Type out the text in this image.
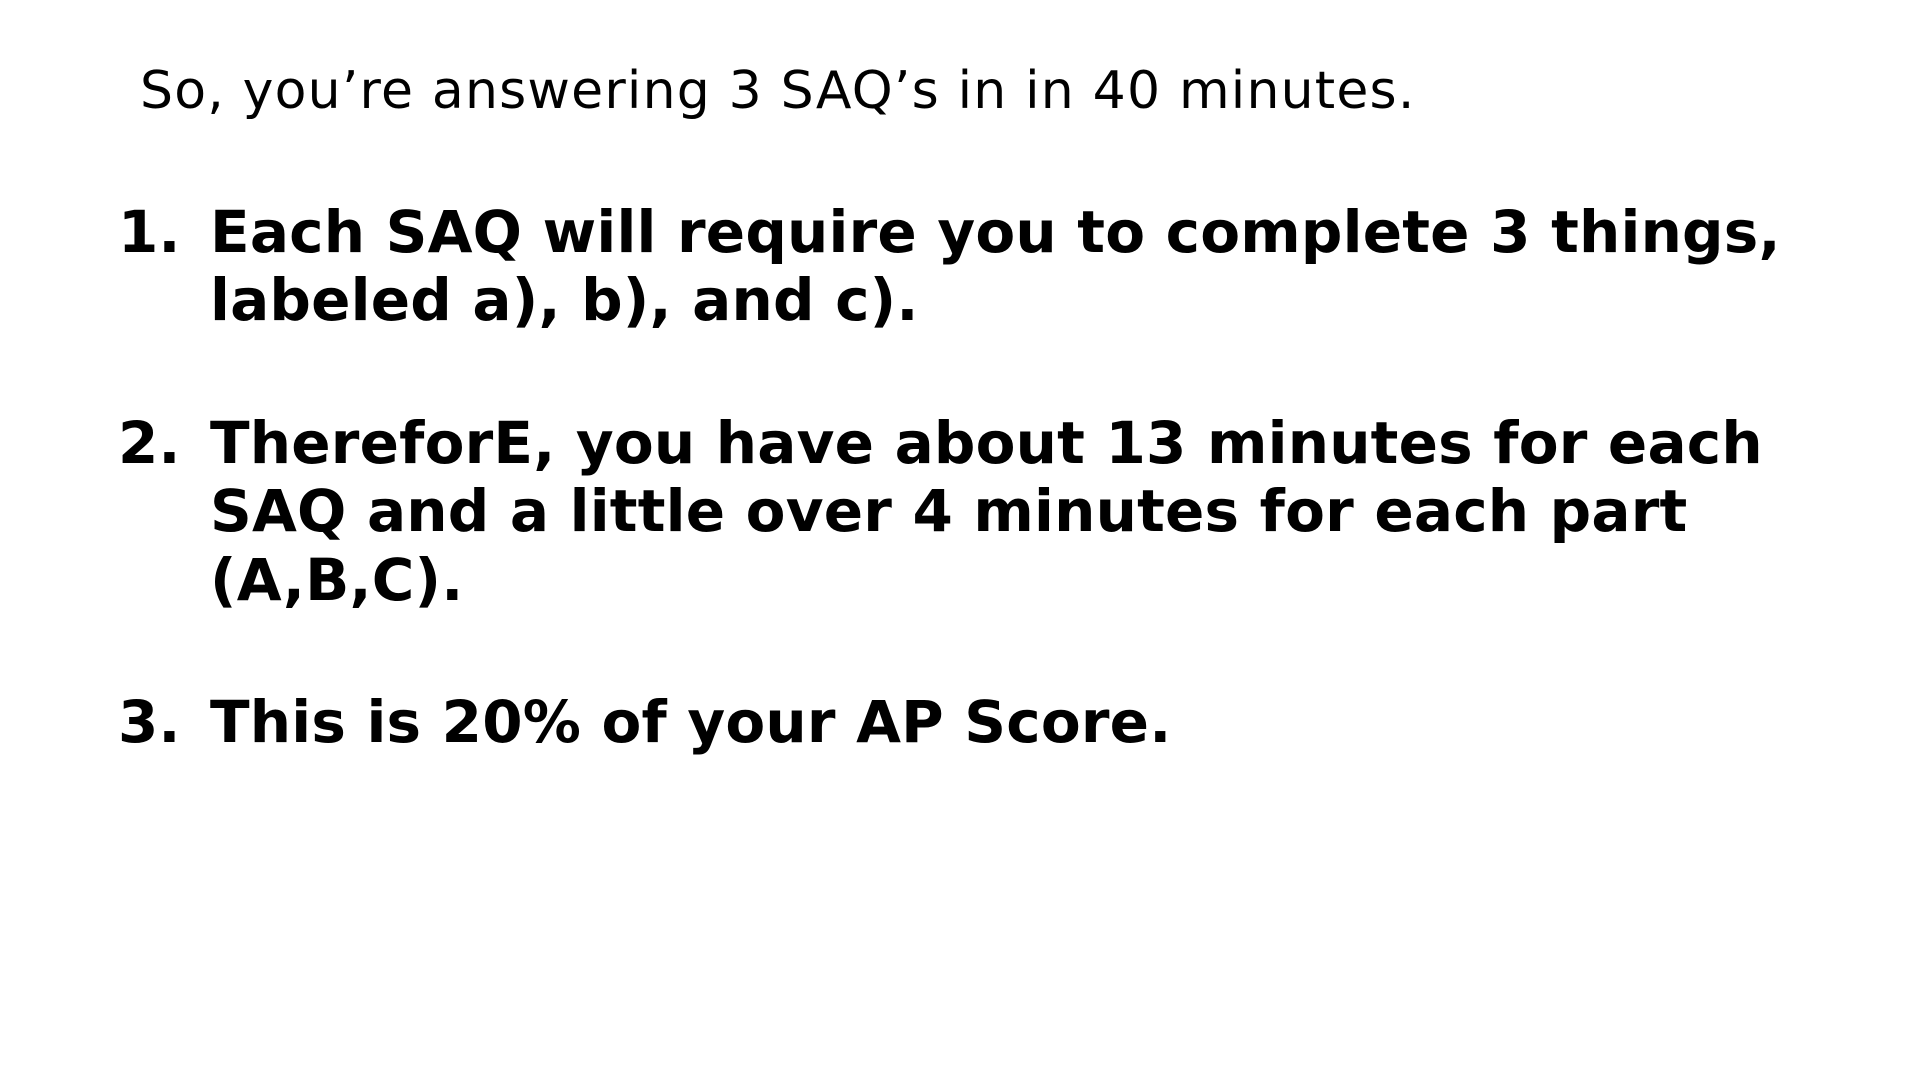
So, you’re answering 3 SAQ’s in in 40 minutes.
1. Each SAQ will require you to complete 3 things, labeled a), b), and c).
2. ThereforE, you have about 13 minutes for each SAQ and a little over 4 minutes for each part (A,B,C).
3. This is 20% of your AP Score.
